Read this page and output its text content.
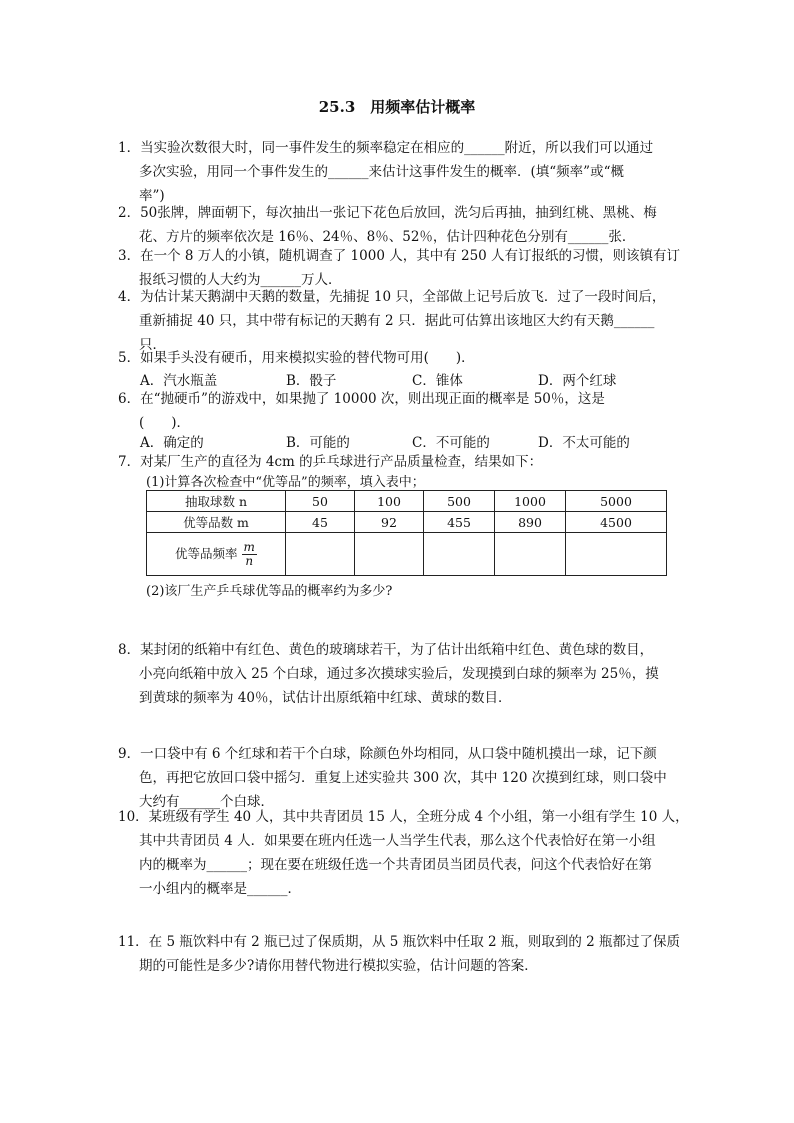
25.3　用频率估计概率
1．当实验次数很大时，同一事件发生的频率稳定在相应的______附近，所以我们可以通过
多次实验，用同一个事件发生的______来估计这事件发生的概率．(填“频率”或“概
率”)
2．50张牌，牌面朝下，每次抽出一张记下花色后放回，洗匀后再抽，抽到红桃、黑桃、梅
花、方片的频率依次是 16％、24％、8％、52％，估计四种花色分别有______张．
3．在一个 8 万人的小镇，随机调查了 1000 人，其中有 250 人有订报纸的习惯，则该镇有订
报纸习惯的人大约为______万人．
4．为估计某天鹅湖中天鹅的数量，先捕捉 10 只，全部做上记号后放飞．过了一段时间后，
重新捕捉 40 只，其中带有标记的天鹅有 2 只．据此可估算出该地区大约有天鹅______
只．
5．如果手头没有硬币，用来模拟实验的替代物可用(　　)．
A．汽水瓶盖	B．骰子	C．锥体	D．两个红球
6．在“抛硬币”的游戏中，如果抛了 10000 次，则出现正面的概率是 50％，这是
(　　)．
A．确定的	B．可能的	C．不可能的	D．不太可能的
7．对某厂生产的直径为 4cm 的乒乓球进行产品质量检查，结果如下：
(1)计算各次检查中“优等品”的频率，填入表中；
抽取球数 n	50	100	500	1000	5000
优等品数 m	45	92	455	890	4500
优等品频率 $\frac{m}{n}$

(2)该厂生产乒乓球优等品的概率约为多少?
8．某封闭的纸箱中有红色、黄色的玻璃球若干，为了估计出纸箱中红色、黄色球的数目，
小亮向纸箱中放入 25 个白球，通过多次摸球实验后，发现摸到白球的频率为 25％，摸
到黄球的频率为 40％，试估计出原纸箱中红球、黄球的数目．
9．一口袋中有 6 个红球和若干个白球，除颜色外均相同，从口袋中随机摸出一球，记下颜
色，再把它放回口袋中摇匀．重复上述实验共 300 次，其中 120 次摸到红球，则口袋中
大约有______个白球．
10．某班级有学生 40 人，其中共青团员 15 人，全班分成 4 个小组，第一小组有学生 10 人，
其中共青团员 4 人．如果要在班内任选一人当学生代表，那么这个代表恰好在第一小组
内的概率为______；现在要在班级任选一个共青团员当团员代表，问这个代表恰好在第
一小组内的概率是______．
11．在 5 瓶饮料中有 2 瓶已过了保质期，从 5 瓶饮料中任取 2 瓶，则取到的 2 瓶都过了保质
期的可能性是多少?请你用替代物进行模拟实验，估计问题的答案．
